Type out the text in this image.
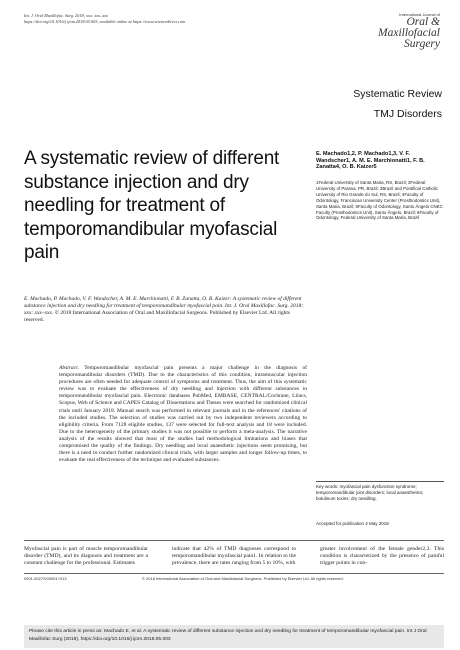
Int. J. Oral Maxillofac. Surg. 2018; xxx: xxx–xxx
https://doi.org/10.1016/j.ijom.2018.05.003, available online at https://www.sciencedirect.com
International Journal of
Oral &
Maxillofacial
Surgery
Systematic Review
TMJ Disorders
A systematic review of different substance injection and dry needling for treatment of temporomandibular myofascial pain
E. Machado1,2, P. Machado1,3, V. F. Wandscher1, A. M. E. Marchionatti1, F. B. Zanatta4, O. B. Kaizer5
1Federal University of Santa Maria, RS, Brazil; 2Federal University of Parana, PR, Brazil; 3Brazil and Pontifical Catholic University of Rio Grande do Sul, RS, Brazil; 4Faculty of Odontology, Franciscan University Center (Prosthodontics Unit), Santa Maria, Brazil; 5Faculty of Odontology, Santo Ângelo CNEC Faculty (Prosthodontics Unit), Santo Ângelo, Brazil; 6Faculty of Odontology, Federal University of Santa Maria, Brazil
E. Machado, P. Machado, V. F. Wandscher, A. M. E. Marchionatti, F. B. Zanatta, O. B. Kaizer: A systematic review of different substance injection and dry needling for treatment of temporomandibular myofascial pain. Int. J. Oral Maxillofac. Surg. 2018; xxx: xxx–xxx. © 2018 International Association of Oral and Maxillofacial Surgeons. Published by Elsevier Ltd. All rights reserved.
Abstract. Temporomandibular myofascial pain presents a major challenge in the diagnosis of temporomandibular disorders (TMD). Due to the characteristics of this condition, intramuscular injection procedures are often needed for adequate control of symptoms and treatment. Thus, the aim of this systematic review was to evaluate the effectiveness of dry needling and injection with different substances in temporomandibular myofascial pain. Electronic databases PubMed, EMBASE, CENTRAL/Cochrane, Lilacs, Scopus, Web of Science and CAPES Catalog of Dissertations and Theses were searched for randomized clinical trials until January 2018. Manual search was performed in relevant journals and in the references' citations of the included studies. The selection of studies was carried out by two independent reviewers according to eligibility criteria. From 7128 eligible studies, 137 were selected for full-text analysis and 18 were included. Due to the heterogeneity of the primary studies it was not possible to perform a meta-analysis. The narrative analysis of the results showed that most of the studies had methodological limitations and biases that compromised the quality of the findings. Dry needling and local anaesthetic injections seem promising, but there is a need to conduct further randomized clinical trials, with larger samples and longer follow-up times, to evaluate the real effectiveness of the technique and evaluated substances.
Key words: myofascial pain dysfunction syndrome; temporomandibular joint disorders; local anaesthetics; botulinum toxins; dry needling.
Accepted for publication 4 May 2018
Myofascial pain is part of muscle temporomandibular disorder (TMD), and its diagnosis and treatment are a constant challenge for the professional. Estimates
indicate that 42% of TMD diagnoses correspond to temporomandibular myofascial pain1. In relation to the prevalence, there are rates ranging from 5 to 10%, with
greater involvement of the female gender2,3. This condition is characterized by the presence of painful trigger points in con-
0901-5027/000001+013	© 2018 International Association of Oral and Maxillofacial Surgeons. Published by Elsevier Ltd. All rights reserved.
Please cite this article in press as: Machado E, et al. A systematic review of different substance injection and dry needling for treatment of temporomandibular myofascial pain. Int J Oral Maxillofac Surg (2018), https://doi.org/10.1016/j.ijom.2018.05.003
